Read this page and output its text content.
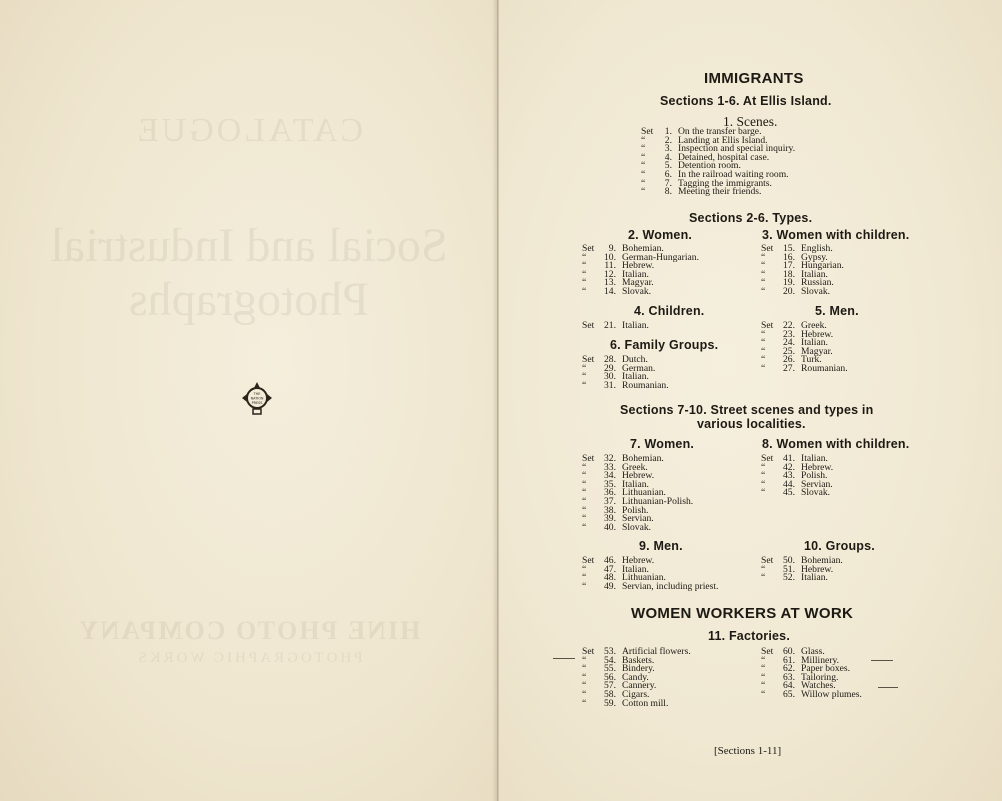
CATALOGUE
Social and Industrial
Photographs
HINE PHOTO COMPANY
PHOTOGRAPHIC WORKS
THE
NATION
PRESS
IMMIGRANTS
Sections 1-6. At Ellis Island.
1. Scenes.
Set	1. On the transfer barge.
“	2. Landing at Ellis Island.
“	3. Inspection and special inquiry.
“	4. Detained, hospital case.
“	5. Detention room.
“	6. In the railroad waiting room.
“	7. Tagging the immigrants.
“	8. Meeting their friends.
Sections 2-6. Types.
2. Women.
Set	9. Bohemian.
“	10. German-Hungarian.
“	11. Hebrew.
“	12. Italian.
“	13. Magyar.
“	14. Slovak.
3. Women with children.
Set	15. English.
“	16. Gypsy.
“	17. Hungarian.
“	18. Italian.
“	19. Russian.
“	20. Slovak.
4. Children.
Set	21. Italian.
5. Men.
Set	22. Greek.
“	23. Hebrew.
“	24. Italian.
“	25. Magyar.
“	26. Turk.
“	27. Roumanian.
6. Family Groups.
Set	28. Dutch.
“	29. German.
“	30. Italian.
“	31. Roumanian.
Sections 7-10. Street scenes and types in
various localities.
7. Women.
Set	32. Bohemian.
“	33. Greek.
“	34. Hebrew.
“	35. Italian.
“	36. Lithuanian.
“	37. Lithuanian-Polish.
“	38. Polish.
“	39. Servian.
“	40. Slovak.
8. Women with children.
Set	41. Italian.
“	42. Hebrew.
“	43. Polish.
“	44. Servian.
“	45. Slovak.
9. Men.
Set	46. Hebrew.
“	47. Italian.
“	48. Lithuanian.
“	49. Servian, including priest.
10. Groups.
Set	50. Bohemian.
“	51. Hebrew.
“	52. Italian.
WOMEN WORKERS AT WORK
11. Factories.
Set	53. Artificial flowers.
“	54. Baskets.
“	55. Bindery.
“	56. Candy.
“	57. Cannery.
“	58. Cigars.
“	59. Cotton mill.
Set	60. Glass.
“	61. Millinery.
“	62. Paper boxes.
“	63. Tailoring.
“	64. Watches.
“	65. Willow plumes.
[Sections 1-11]
